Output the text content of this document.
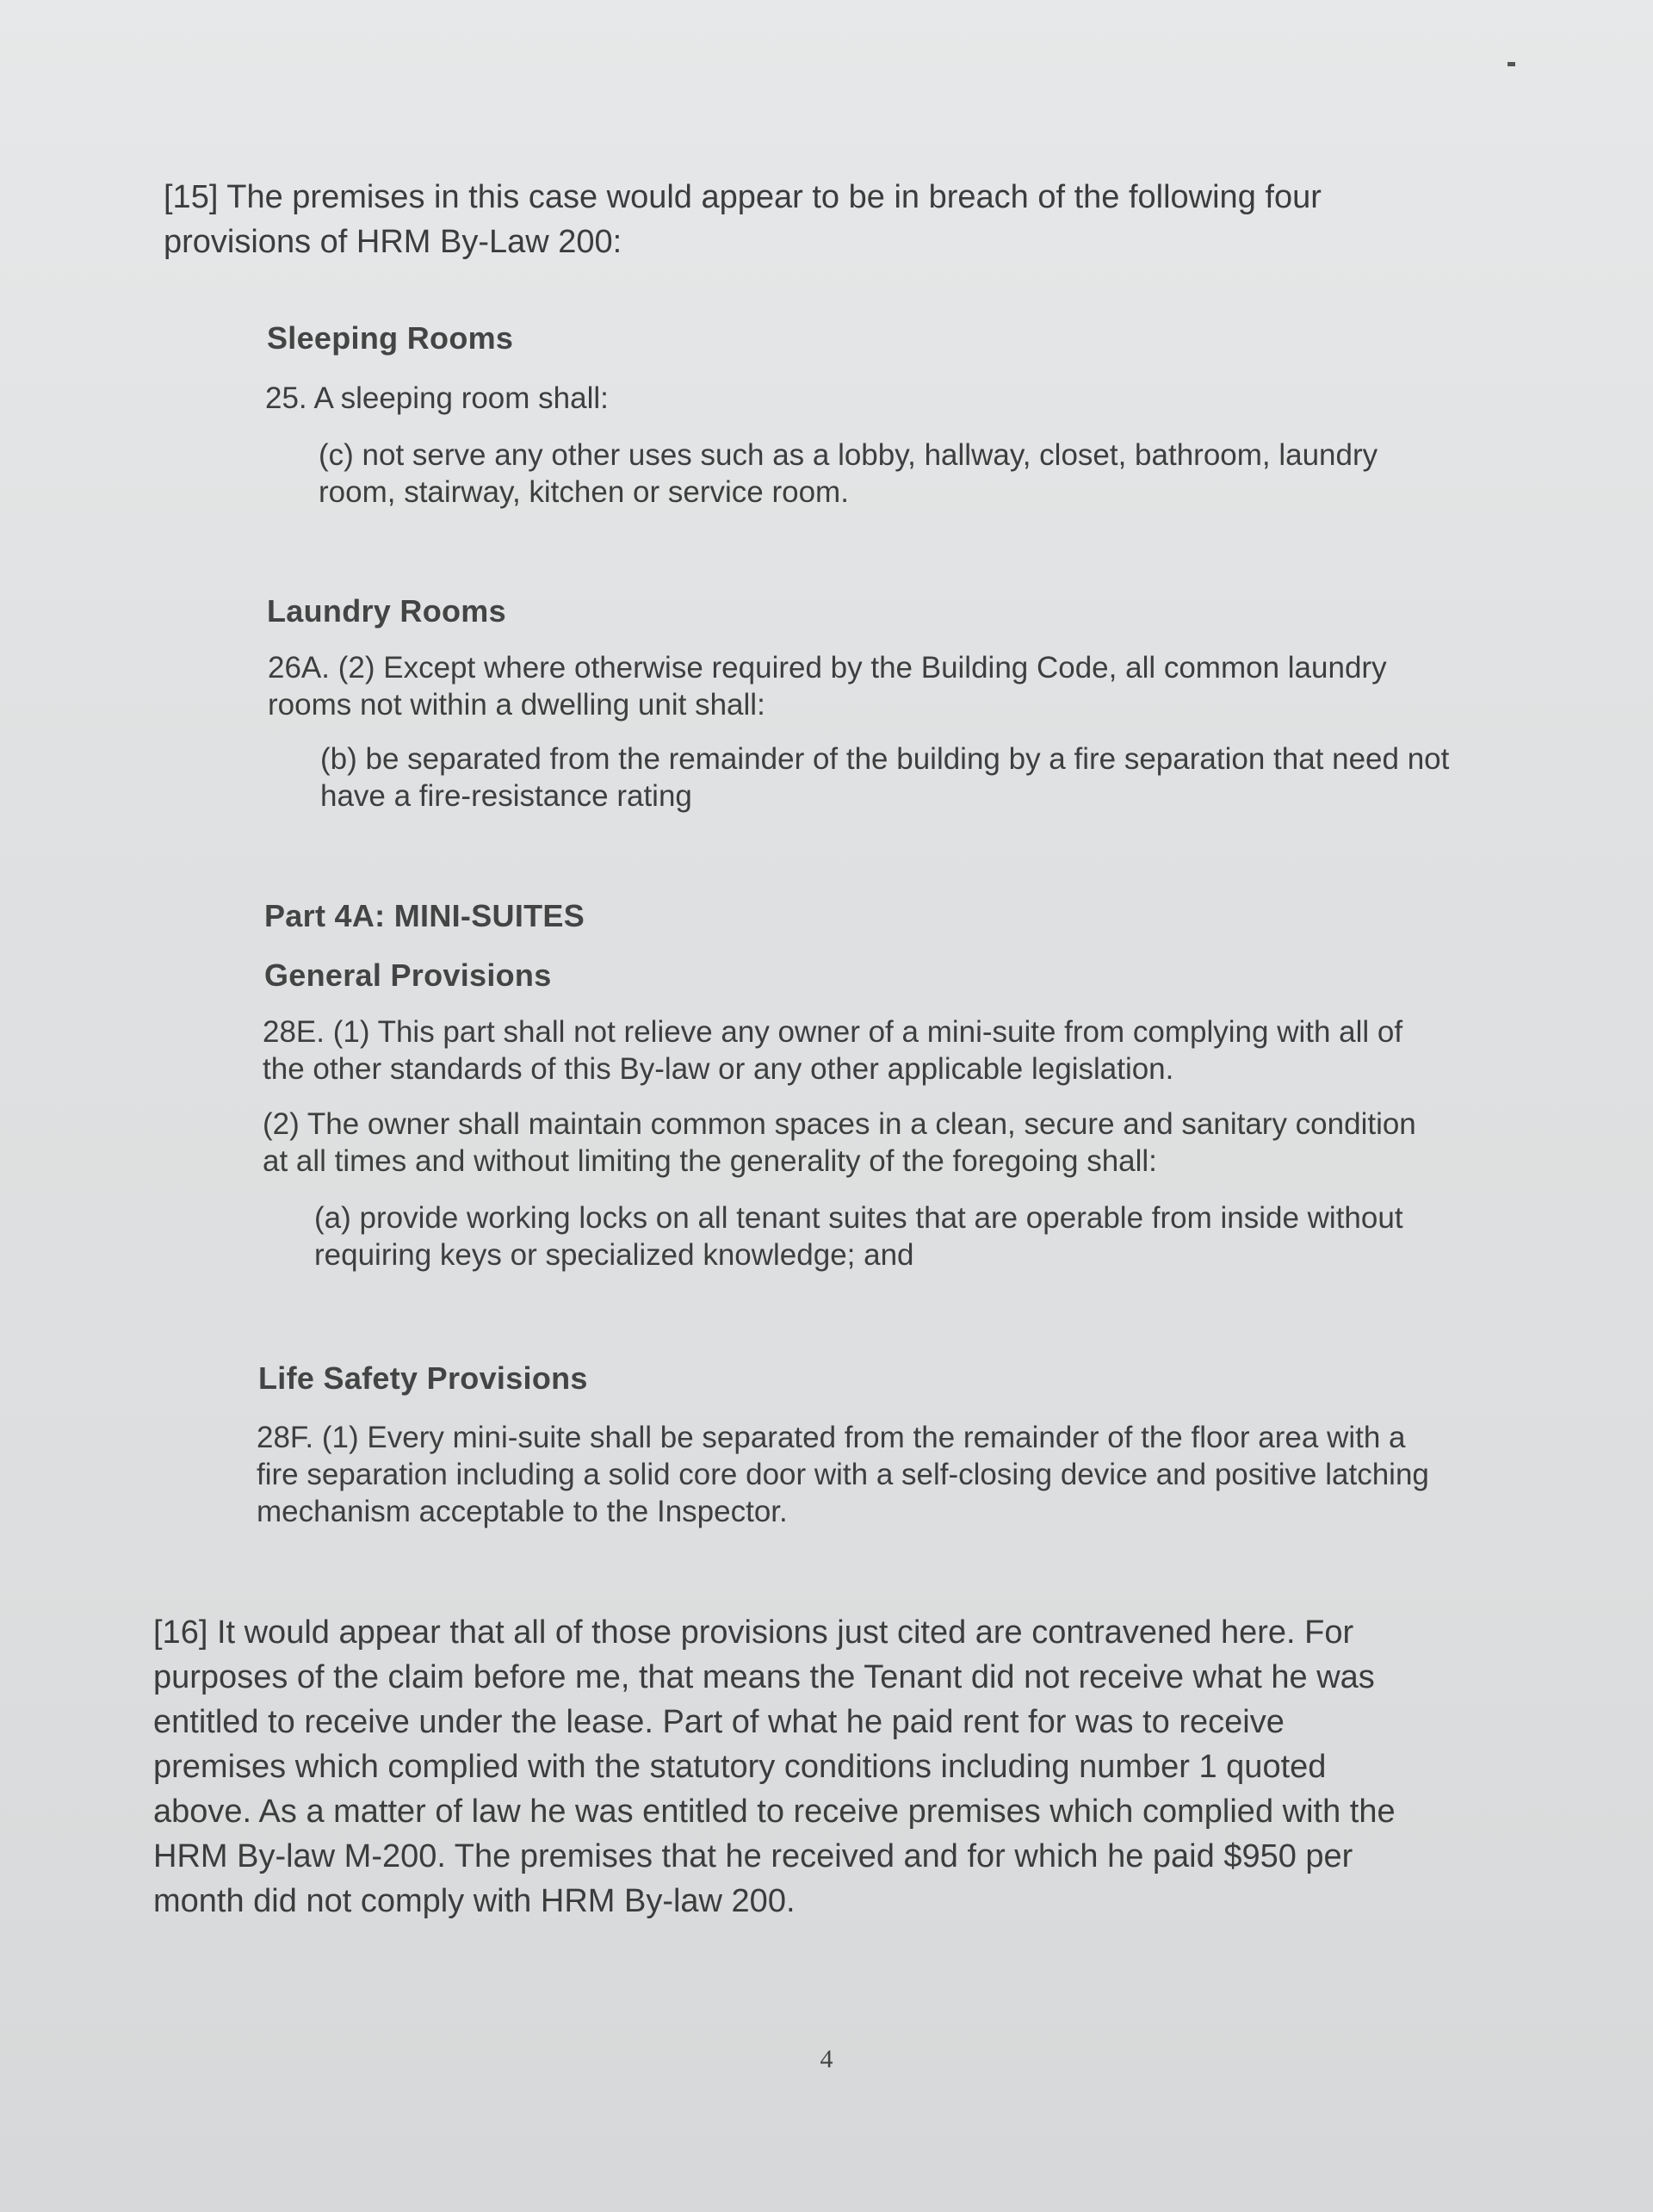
[15] The premises in this case would appear to be in breach of the following four
provisions of HRM By-Law 200:
Sleeping Rooms
25. A sleeping room shall:
(c) not serve any other uses such as a lobby, hallway, closet, bathroom, laundry
room, stairway, kitchen or service room.
Laundry Rooms
26A. (2) Except where otherwise required by the Building Code, all common laundry
rooms not within a dwelling unit shall:
(b) be separated from the remainder of the building by a fire separation that need not
have a fire-resistance rating
Part 4A: MINI-SUITES
General Provisions
28E. (1) This part shall not relieve any owner of a mini-suite from complying with all of
the other standards of this By-law or any other applicable legislation.
(2) The owner shall maintain common spaces in a clean, secure and sanitary condition
at all times and without limiting the generality of the foregoing shall:
(a) provide working locks on all tenant suites that are operable from inside without
requiring keys or specialized knowledge; and
Life Safety Provisions
28F. (1) Every mini-suite shall be separated from the remainder of the floor area with a
fire separation including a solid core door with a self-closing device and positive latching
mechanism acceptable to the Inspector.
[16] It would appear that all of those provisions just cited are contravened here. For
purposes of the claim before me, that means the Tenant did not receive what he was
entitled to receive under the lease. Part of what he paid rent for was to receive
premises which complied with the statutory conditions including number 1 quoted
above. As a matter of law he was entitled to receive premises which complied with the
HRM By-law M-200. The premises that he received and for which he paid $950 per
month did not comply with HRM By-law 200.
4
